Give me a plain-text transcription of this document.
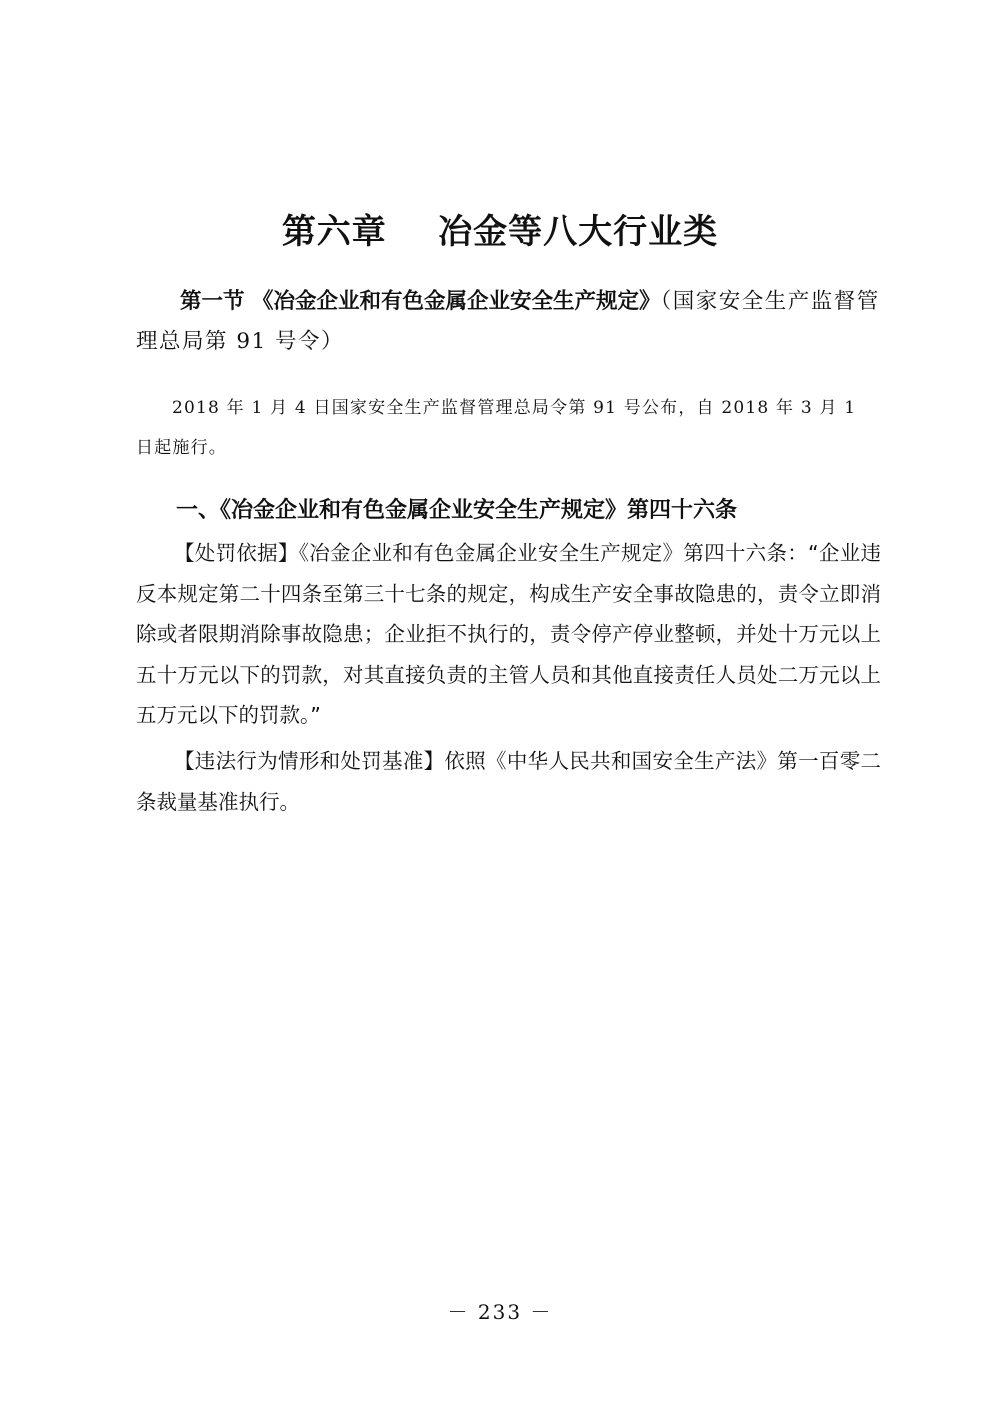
第六章    冶金等八大行业类

第一节 《冶金企业和有色金属企业安全生产规定》（国家安全生产监督管理总局第 91 号令）

2018 年 1 月 4 日国家安全生产监督管理总局令第 91 号公布，自 2018 年 3 月 1 日起施行。

一、《冶金企业和有色金属企业安全生产规定》第四十六条

【处罚依据】《冶金企业和有色金属企业安全生产规定》第四十六条：“企业违反本规定第二十四条至第三十七条的规定，构成生产安全事故隐患的，责令立即消除或者限期消除事故隐患；企业拒不执行的，责令停产停业整顿，并处十万元以上五十万元以下的罚款，对其直接负责的主管人员和其他直接责任人员处二万元以上五万元以下的罚款。”

【违法行为情形和处罚基准】依照《中华人民共和国安全生产法》第一百零二条裁量基准执行。

－ 233 －
